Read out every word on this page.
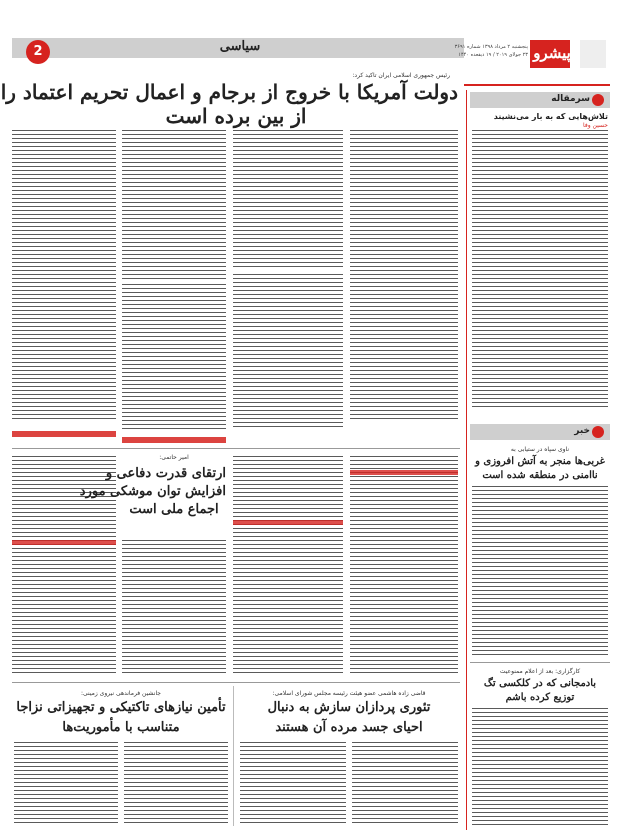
سیاسی
2	پیشرو
پنجشنبه ۲ مرداد ۱۳۹۸ شماره ۳۶۹۱
۲۳ جولای ۲۰۱۹ / ۱۹ ذیقعده ۱۴۴۰
رئیس جمهوری اسلامی ایران تاکید کرد:
دولت آمریکا با خروج از برجام و اعمال تحریم اعتماد را
از بین برده است
امیر حاتمی:
ارتقای قدرت دفاعی و
افزایش توان موشکی مورد
اجماع ملی است
جانشین فرماندهی نیروی زمینی:
تأمین نیازهای تاکتیکی و تجهیزاتی نزاجا
متناسب با مأموریت‌ها
قاضی زاده هاشمی عضو هیئت رئیسه مجلس شورای اسلامی:
تئوری پردازان سازش به دنبال
احیای جسد مرده آن هستند
سرمقاله
تلاش‌هایی که به بار می‌نشیند
حسین وفا
خبر
ناوی سپاه در ستیابی به
غربی‌ها منجر به آتش افروزی و
ناامنی در منطقه شده است
کارگزاری: بعد از اعلام ممنوعیت
بادمجانی که در کلکسی تگ
توزیع کرده باشم
